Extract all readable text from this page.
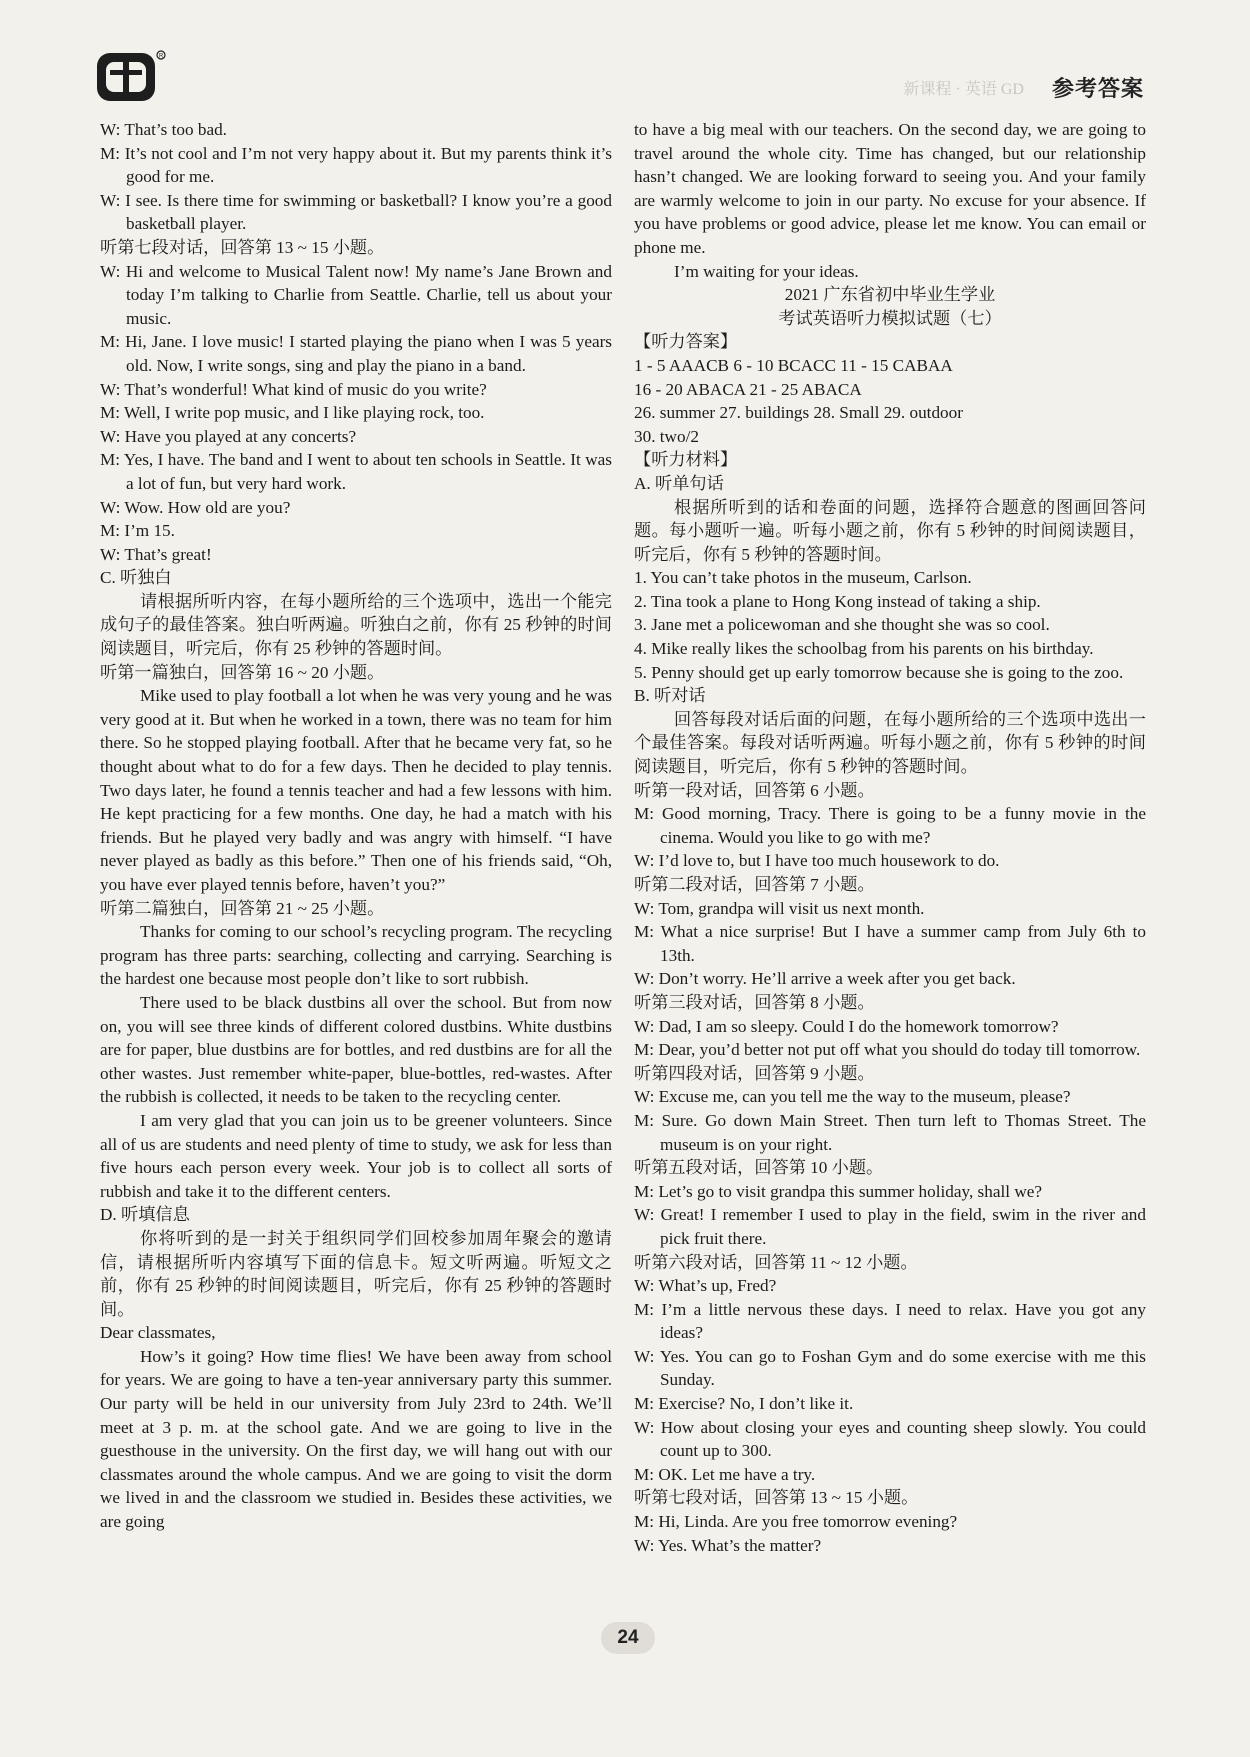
R
新课程 · 英语 GD 参考答案

W: That’s too bad.

M: It’s not cool and I’m not very happy about it. But my parents think it’s good for me.

W: I see. Is there time for swimming or basketball? I know you’re a good basketball player.

听第七段对话，回答第 13 ~ 15 小题。

W: Hi and welcome to Musical Talent now! My name’s Jane Brown and today I’m talking to Charlie from Seattle. Charlie, tell us about your music.

M: Hi, Jane. I love music! I started playing the piano when I was 5 years old. Now, I write songs, sing and play the piano in a band.

W: That’s wonderful! What kind of music do you write?

M: Well, I write pop music, and I like playing rock, too.

W: Have you played at any concerts?

M: Yes, I have. The band and I went to about ten schools in Seattle. It was a lot of fun, but very hard work.

W: Wow. How old are you?

M: I’m 15.

W: That’s great!

C. 听独白

请根据所听内容，在每小题所给的三个选项中，选出一个能完成句子的最佳答案。独白听两遍。听独白之前，你有 25 秒钟的时间阅读题目，听完后，你有 25 秒钟的答题时间。

听第一篇独白，回答第 16 ~ 20 小题。

Mike used to play football a lot when he was very young and he was very good at it. But when he worked in a town, there was no team for him there. So he stopped playing football. After that he became very fat, so he thought about what to do for a few days. Then he decided to play tennis. Two days later, he found a tennis teacher and had a few lessons with him. He kept practicing for a few months. One day, he had a match with his friends. But he played very badly and was angry with himself. “I have never played as badly as this before.” Then one of his friends said, “Oh, you have ever played tennis before, haven’t you?”

听第二篇独白，回答第 21 ~ 25 小题。

Thanks for coming to our school’s recycling program. The recycling program has three parts: searching, collecting and carrying. Searching is the hardest one because most people don’t like to sort rubbish.

There used to be black dustbins all over the school. But from now on, you will see three kinds of different colored dustbins. White dustbins are for paper, blue dustbins are for bottles, and red dustbins are for all the other wastes. Just remember white-paper, blue-bottles, red-wastes. After the rubbish is collected, it needs to be taken to the recycling center.

I am very glad that you can join us to be greener volunteers. Since all of us are students and need plenty of time to study, we ask for less than five hours each person every week. Your job is to collect all sorts of rubbish and take it to the different centers.

D. 听填信息

你将听到的是一封关于组织同学们回校参加周年聚会的邀请信，请根据所听内容填写下面的信息卡。短文听两遍。听短文之前，你有 25 秒钟的时间阅读题目，听完后，你有 25 秒钟的答题时间。

Dear classmates,

How’s it going? How time flies! We have been away from school for years. We are going to have a ten-year anniversary party this summer. Our party will be held in our university from July 23rd to 24th. We’ll meet at 3 p. m. at the school gate. And we are going to live in the guesthouse in the university. On the first day, we will hang out with our classmates around the whole campus. And we are going to visit the dorm we lived in and the classroom we studied in. Besides these activities, we are going

to have a big meal with our teachers. On the second day, we are going to travel around the whole city. Time has changed, but our relationship hasn’t changed. We are looking forward to seeing you. And your family are warmly welcome to join in our party. No excuse for your absence. If you have problems or good advice, please let me know. You can email or phone me.

I’m waiting for your ideas.

2021 广东省初中毕业生学业

考试英语听力模拟试题（七）

【听力答案】

1 - 5 AAACB 6 - 10 BCACC 11 - 15 CABAA

16 - 20 ABACA 21 - 25 ABACA

26. summer 27. buildings 28. Small 29. outdoor

30. two/2

【听力材料】

A. 听单句话

根据所听到的话和卷面的问题，选择符合题意的图画回答问题。每小题听一遍。听每小题之前，你有 5 秒钟的时间阅读题目，听完后，你有 5 秒钟的答题时间。

1. You can’t take photos in the museum, Carlson.

2. Tina took a plane to Hong Kong instead of taking a ship.

3. Jane met a policewoman and she thought she was so cool.

4. Mike really likes the schoolbag from his parents on his birthday.

5. Penny should get up early tomorrow because she is going to the zoo.

B. 听对话

回答每段对话后面的问题，在每小题所给的三个选项中选出一个最佳答案。每段对话听两遍。听每小题之前，你有 5 秒钟的时间阅读题目，听完后，你有 5 秒钟的答题时间。

听第一段对话，回答第 6 小题。

M: Good morning, Tracy. There is going to be a funny movie in the cinema. Would you like to go with me?

W: I’d love to, but I have too much housework to do.

听第二段对话，回答第 7 小题。

W: Tom, grandpa will visit us next month.

M: What a nice surprise! But I have a summer camp from July 6th to 13th.

W: Don’t worry. He’ll arrive a week after you get back.

听第三段对话，回答第 8 小题。

W: Dad, I am so sleepy. Could I do the homework tomorrow?

M: Dear, you’d better not put off what you should do today till tomorrow.

听第四段对话，回答第 9 小题。

W: Excuse me, can you tell me the way to the museum, please?

M: Sure. Go down Main Street. Then turn left to Thomas Street. The museum is on your right.

听第五段对话，回答第 10 小题。

M: Let’s go to visit grandpa this summer holiday, shall we?

W: Great! I remember I used to play in the field, swim in the river and pick fruit there.

听第六段对话，回答第 11 ~ 12 小题。

W: What’s up, Fred?

M: I’m a little nervous these days. I need to relax. Have you got any ideas?

W: Yes. You can go to Foshan Gym and do some exercise with me this Sunday.

M: Exercise? No, I don’t like it.

W: How about closing your eyes and counting sheep slowly. You could count up to 300.

M: OK. Let me have a try.

听第七段对话，回答第 13 ~ 15 小题。

M: Hi, Linda. Are you free tomorrow evening?

W: Yes. What’s the matter?

24
